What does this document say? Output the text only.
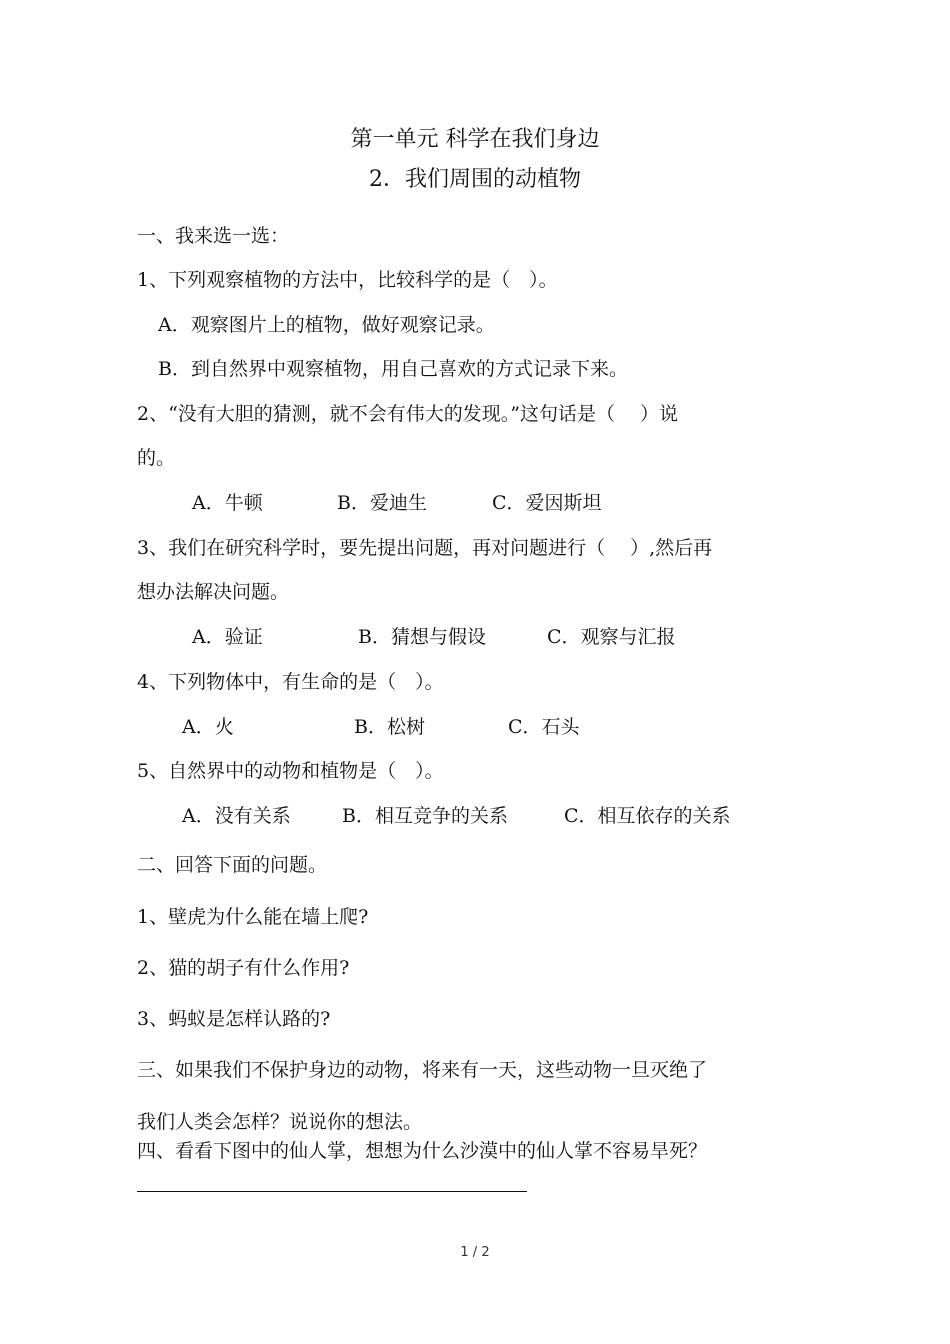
第一单元 科学在我们身边
2．我们周围的动植物
一、我来选一选：
1、下列观察植物的方法中，比较科学的是（　）。
A．观察图片上的植物，做好观察记录。
B．到自然界中观察植物，用自己喜欢的方式记录下来。
2、“没有大胆的猜测，就不会有伟大的发现。”这句话是（　 ）说
的。
A．牛顿	B．爱迪生	C．爱因斯坦
3、我们在研究科学时，要先提出问题，再对问题进行（　 ）,然后再
想办法解决问题。
A．验证	B．猜想与假设	C．观察与汇报
4、下列物体中，有生命的是（　）。
A．火	B．松树	C．石头
5、自然界中的动物和植物是（　）。
A．没有关系	B．相互竞争的关系	C．相互依存的关系
二、回答下面的问题。
1、壁虎为什么能在墙上爬?
2、猫的胡子有什么作用?
3、蚂蚁是怎样认路的?
三、如果我们不保护身边的动物，将来有一天，这些动物一旦灭绝了
我们人类会怎样？说说你的想法。
四、看看下图中的仙人掌，想想为什么沙漠中的仙人掌不容易旱死？
1 / 2
